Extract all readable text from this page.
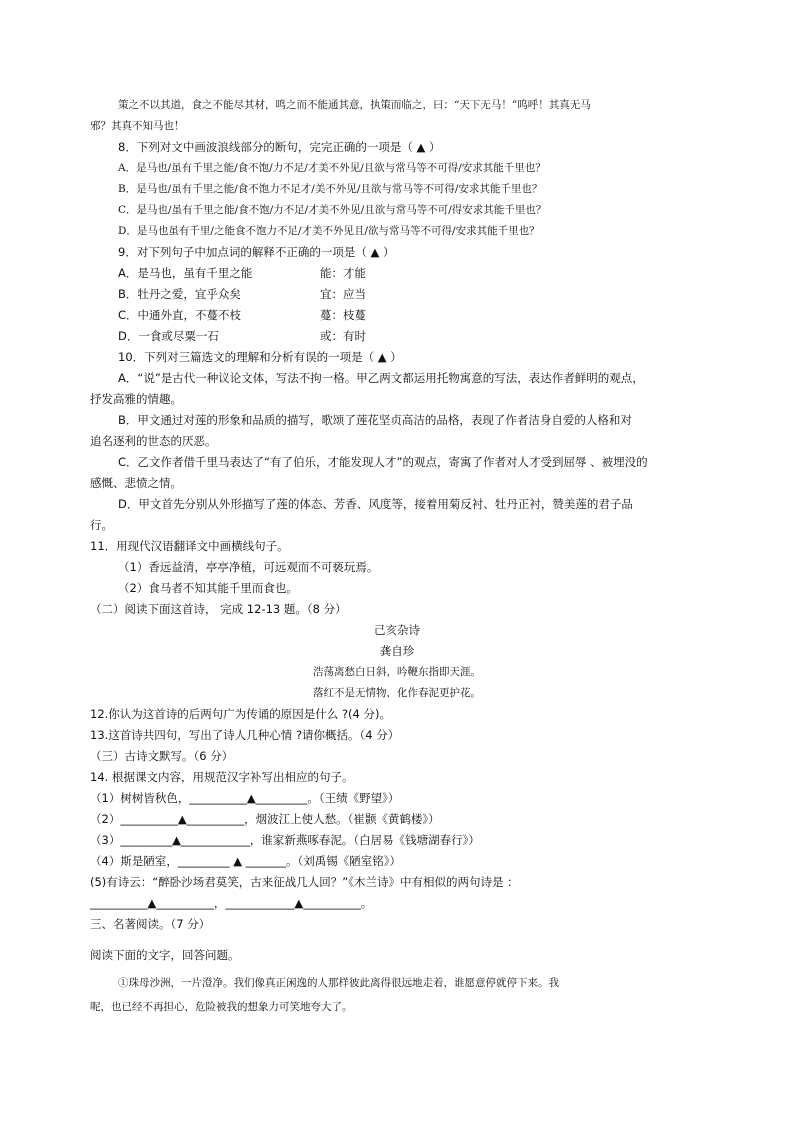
策之不以其道，食之不能尽其材，鸣之而不能通其意，执策而临之，曰：“天下无马！”呜呼！其真无马
邪？其真不知马也！
8．下列对文中画波浪线部分的断句，完完正确的一项是（ ▲ ）
A．是马也/虽有千里之能/食不饱/力不足/才美不外见/且欲与常马等不可得/安求其能千里也？
B．是马也/虽有千里之能/食不饱力不足才/美不外见/且欲与常马等不可得/安求其能千里也？
C．是马也/虽有千里之能/食不饱/力不足/才美不外见/且欲与常马等不可/得安求其能千里也？
D．是马也虽有千里/之能食不饱力不足/才美不外见且/欲与常马等不可得/安求其能千里也？
9．对下列句子中加点词的解释不正确的一项是（ ▲ ）
A．是马也，虽有千里之能	能：才能
B．牡丹之爱，宜乎众矣	宜：应当
C．中通外直，不蔓不枝	蔓：枝蔓
D．一食或尽粟一石	或：有时
10．下列对三篇选文的理解和分析有误的一项是（ ▲ ）
A．“说”是古代一种议论文体，写法不拘一格。甲乙两文都运用托物寓意的写法，表达作者鲜明的观点，
抒发高雅的情趣。
B．甲文通过对莲的形象和品质的描写，歌颂了莲花坚贞高洁的品格，表现了作者洁身自爱的人格和对
追名逐利的世态的厌恶。
C．乙文作者借千里马表达了“有了伯乐，才能发现人才”的观点，寄寓了作者对人才受到屈辱 、被埋没的
感慨、悲愤之情。
D．甲文首先分别从外形描写了莲的体态、芳香、风度等，接着用菊反衬、牡丹正衬，赞美莲的君子品
行。
11．用现代汉语翻译文中画横线句子。
（1）香远益清，亭亭净植，可远观而不可亵玩焉。
（2）食马者不知其能千里而食也。
（二）阅读下面这首诗， 完成 12-13 题。（8 分）
己亥杂诗
龚自珍
浩荡离愁白日斜，吟鞭东指即天涯。
落红不是无情物，化作春泥更护花。
12.你认为这首诗的后两句广为传诵的原因是什么 ?(4 分)。
13.这首诗共四句，写出了诗人几种心情 ?请你概括。（4 分）
（三）古诗文默写。（6 分）
14. 根据课文内容，用规范汉字补写出相应的句子。
（1）树树皆秋色，__________▲_________。（王绩《野望》）
（2）__________▲__________，烟波江上使人愁。（崔颢《黄鹤楼》）
（3）_________▲____________，谁家新燕啄春泥。（白居易《钱塘湖春行》）
（4）斯是陋室，_________ ▲ _______。（刘禹锡《陋室铭》）
(5)有诗云：“醉卧沙场君莫笑，古来征战几人回？”《木兰诗》中有相似的两句诗是 ：
__________▲__________，____________▲__________。
三、名著阅读。（7 分）
阅读下面的文字，回答问题。
①珠母沙洲，一片澄净。我们像真正闲逸的人那样彼此离得很远地走着，谁愿意停就停下来。我
呢，也已经不再担心，危险被我的想象力可笑地夸大了。
